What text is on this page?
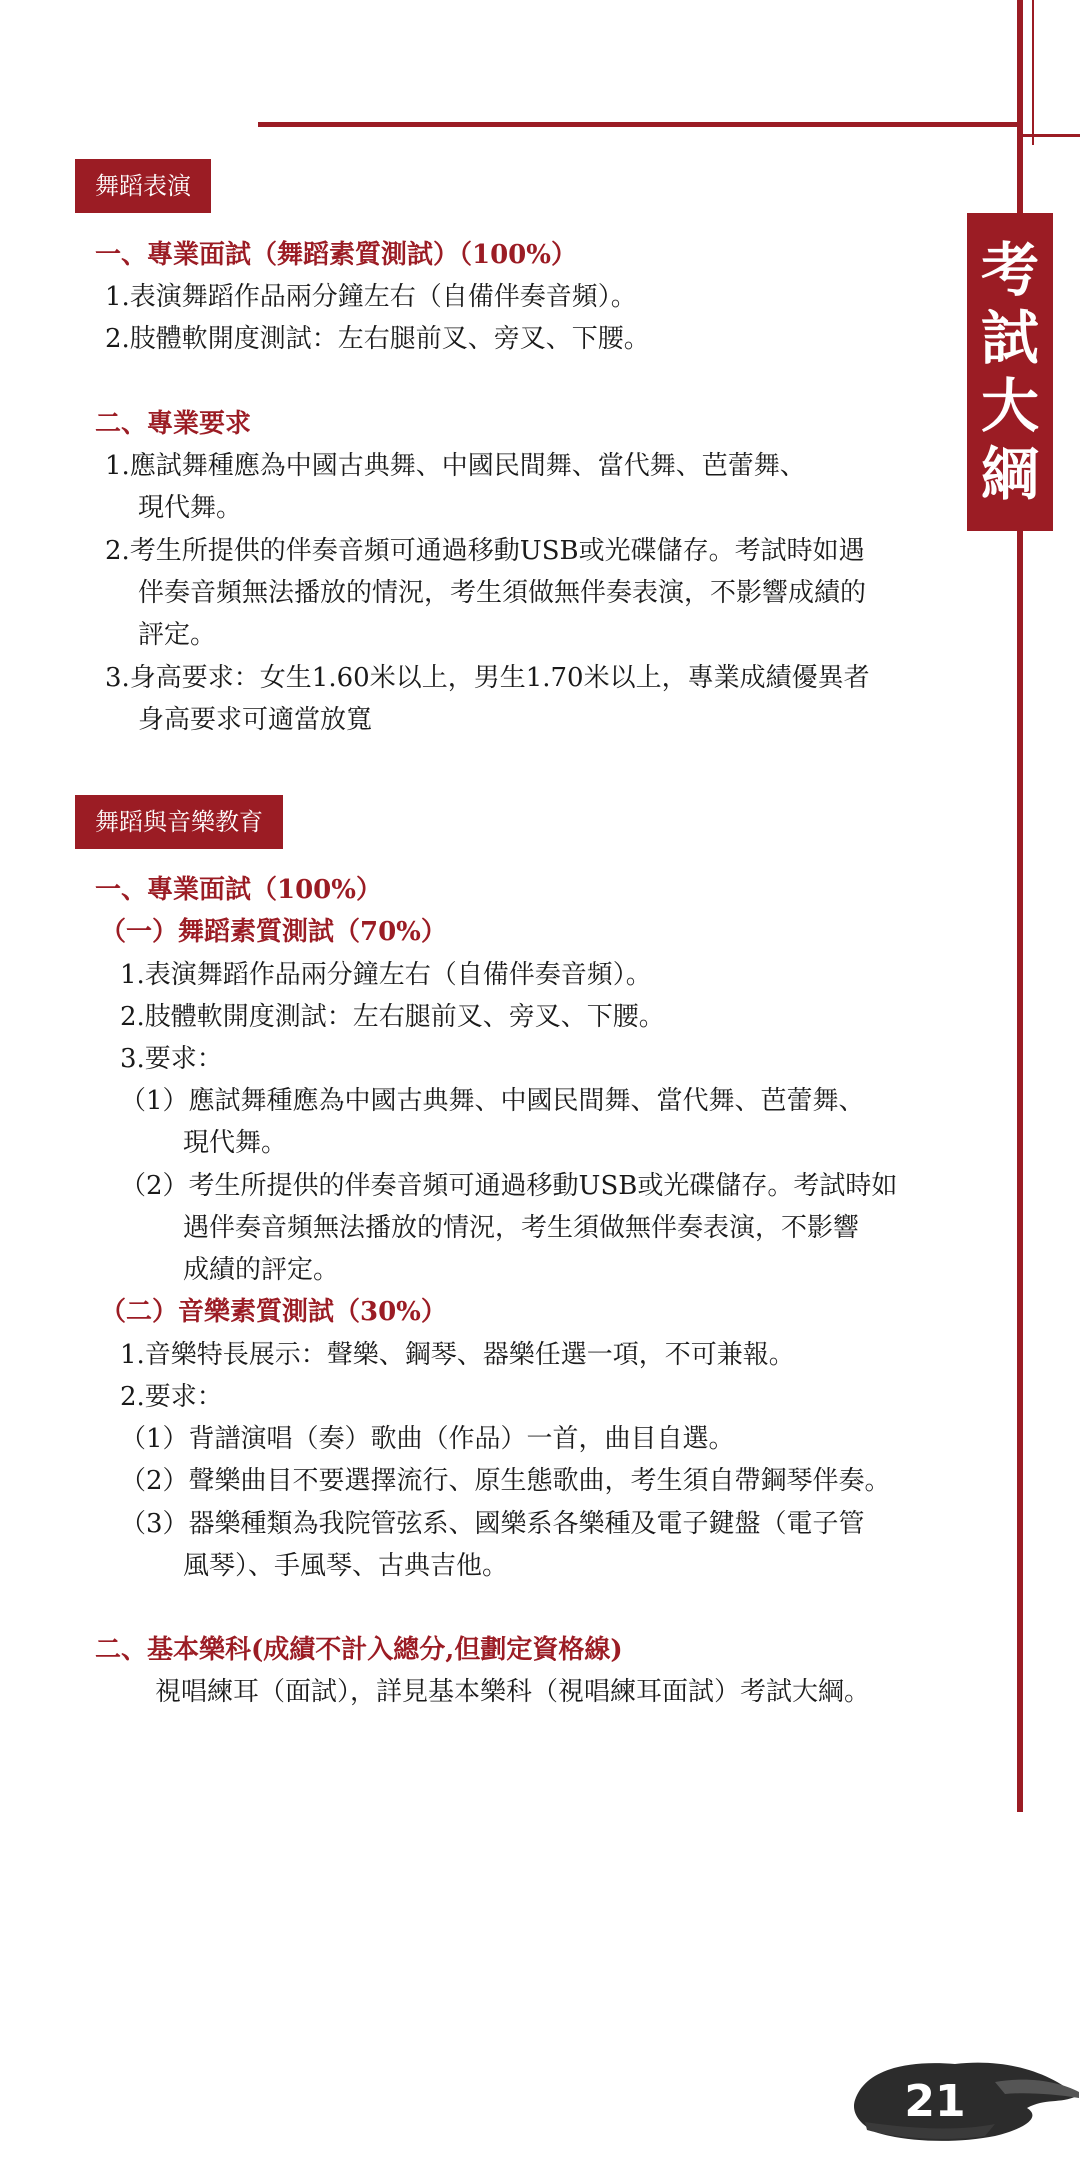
考
試
大
綱
舞蹈表演
一、專業面試（舞蹈素質測試）（100%）
1.表演舞蹈作品兩分鐘左右（自備伴奏音頻）。
2.肢體軟開度測試：左右腿前叉、旁叉、下腰。
二、專業要求
1.應試舞種應為中國古典舞、中國民間舞、當代舞、芭蕾舞、
現代舞。
2.考生所提供的伴奏音頻可通過移動USB或光碟儲存。考試時如遇
伴奏音頻無法播放的情況，考生須做無伴奏表演，不影響成績的
評定。
3.身高要求：女生1.60米以上，男生1.70米以上，專業成績優異者
身高要求可適當放寬
舞蹈與音樂教育
一、專業面試（100%）
（一）舞蹈素質測試（70%）
1.表演舞蹈作品兩分鐘左右（自備伴奏音頻）。
2.肢體軟開度測試：左右腿前叉、旁叉、下腰。
3.要求：
（1）應試舞種應為中國古典舞、中國民間舞、當代舞、芭蕾舞、
現代舞。
（2）考生所提供的伴奏音頻可通過移動USB或光碟儲存。考試時如
遇伴奏音頻無法播放的情況，考生須做無伴奏表演，不影響
成績的評定。
（二）音樂素質測試（30%）
1.音樂特長展示：聲樂、鋼琴、器樂任選一項，不可兼報。
2.要求：
（1）背譜演唱（奏）歌曲（作品）一首，曲目自選。
（2）聲樂曲目不要選擇流行、原生態歌曲，考生須自帶鋼琴伴奏。
（3）器樂種類為我院管弦系、國樂系各樂種及電子鍵盤（電子管
風琴）、手風琴、古典吉他。
二、基本樂科(成績不計入總分,但劃定資格線)
視唱練耳（面試），詳見基本樂科（視唱練耳面試）考試大綱。
21
